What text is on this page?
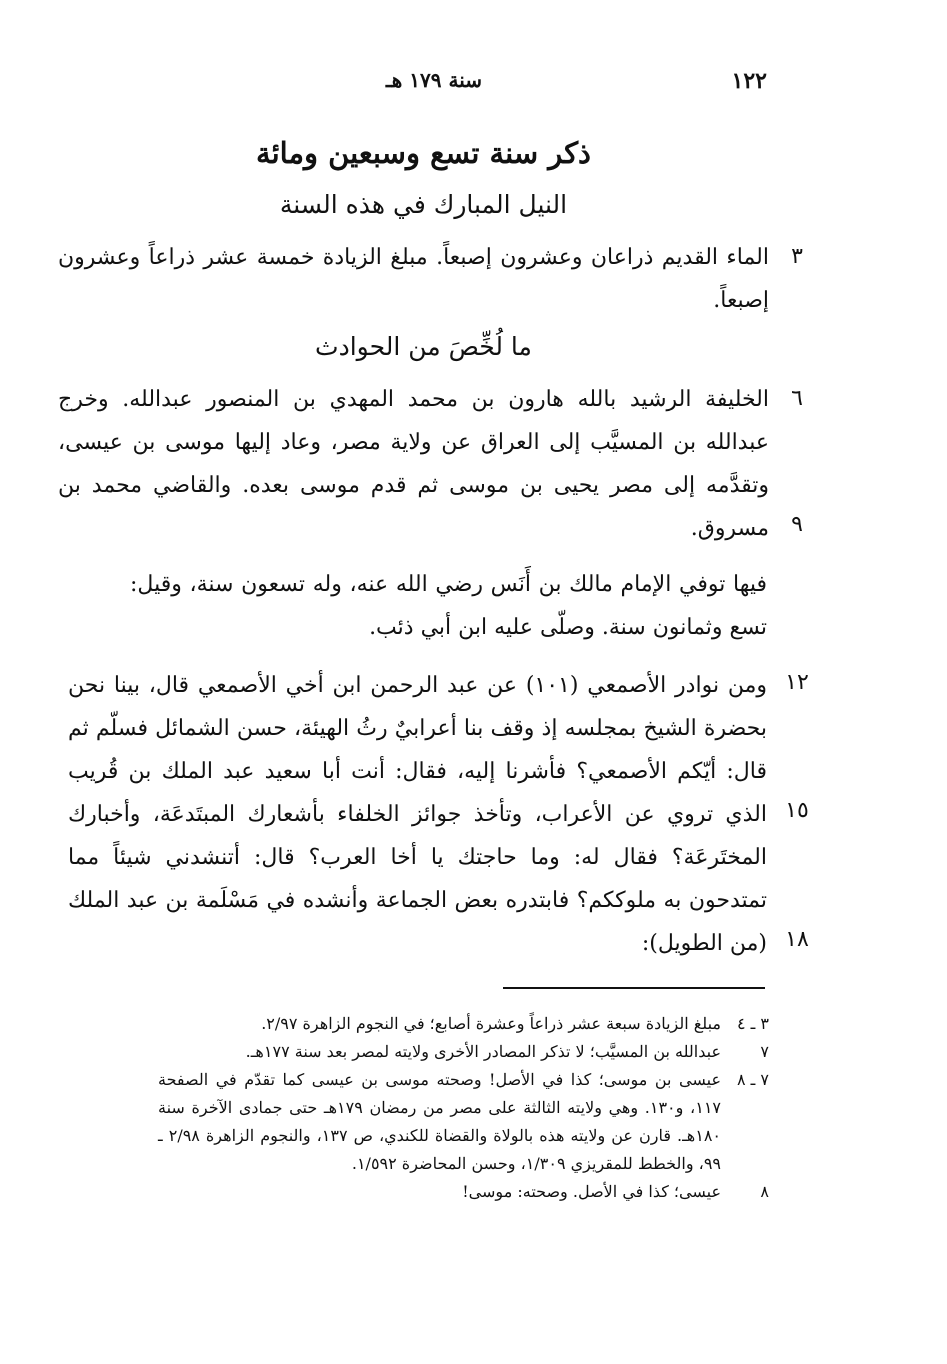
١٢٢
سنة ١٧٩ هـ
ذكر سنة تسع وسبعين ومائة
النيل المبارك في هذه السنة
٣
الماء القديم ذراعان وعشرون إصبعاً. مبلغ الزيادة خمسة عشر ذراعاً وعشرون إصبعاً.
ما لُخِّصَ من الحوادث
٦
٩
الخليفة الرشيد بالله هارون بن محمد المهدي بن المنصور عبدالله. وخرج عبدالله بن المسيَّب إلى العراق عن ولاية مصر، وعاد إليها موسى بن عيسى، وتقدَّمه إلى مصر يحيى بن موسى ثم قدم موسى بعده. والقاضي محمد بن مسروق.
فيها توفي الإمام مالك بن أَنَس رضي الله عنه، وله تسعون سنة، وقيل: تسع وثمانون سنة. وصلّى عليه ابن أبي ذئب.
١٢
١٥
١٨
ومن نوادر الأصمعي (١٠١) عن عبد الرحمن ابن أخي الأصمعي قال، بينا نحن بحضرة الشيخ بمجلسه إذ وقف بنا أعرابيٌ رثُ الهيئة، حسن الشمائل فسلّم ثم قال: أيّكم الأصمعي؟ فأشرنا إليه، فقال: أنت أبا سعيد عبد الملك بن قُريب الذي تروي عن الأعراب، وتأخذ جوائز الخلفاء بأشعارك المبتَدعَة، وأخبارك المختَرعَة؟ فقال له: وما حاجتك يا أخا العرب؟ قال: أتنشدني شيئاً مما تمتدحون به ملوككم؟ فابتدره بعض الجماعة وأنشده في مَسْلَمة بن عبد الملك (من الطويل):
٣ ـ ٤
مبلغ الزيادة سبعة عشر ذراعاً وعشرة أصابع؛ في النجوم الزاهرة ٢/٩٧.
٧
عبدالله بن المسيَّب؛ لا تذكر المصادر الأخرى ولايته لمصر بعد سنة ١٧٧هـ.
٧ ـ ٨
عيسى بن موسى؛ كذا في الأصل! وصحته موسى بن عيسى كما تقدّم في الصفحة ١١٧، و١٣٠. وهي ولايته الثالثة على مصر من رمضان ١٧٩هـ حتى جمادى الآخرة سنة ١٨٠هـ. قارن عن ولايته هذه بالولاة والقضاة للكندي، ص ١٣٧، والنجوم الزاهرة ٢/٩٨ ـ ٩٩، والخطط للمقريزي ١/٣٠٩، وحسن المحاضرة ١/٥٩٢.
٨
عيسى؛ كذا في الأصل. وصحته: موسى!
